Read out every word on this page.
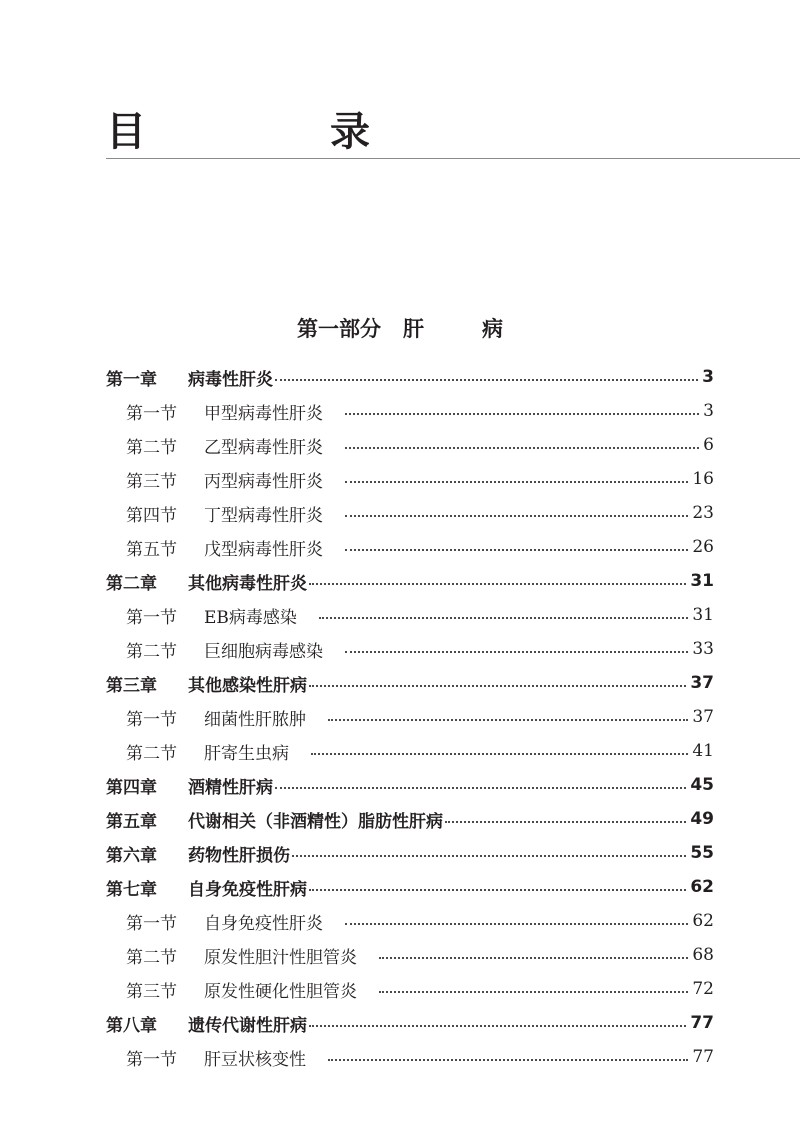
目　录
第一部分 肝	病
第一章	病毒性肝炎	3
第一节	甲型病毒性肝炎	3
第二节	乙型病毒性肝炎	6
第三节	丙型病毒性肝炎	16
第四节	丁型病毒性肝炎	23
第五节	戊型病毒性肝炎	26
第二章	其他病毒性肝炎	31
第一节	EB病毒感染	31
第二节	巨细胞病毒感染	33
第三章	其他感染性肝病	37
第一节	细菌性肝脓肿	37
第二节	肝寄生虫病	41
第四章	酒精性肝病	45
第五章	代谢相关（非酒精性）脂肪性肝病	49
第六章	药物性肝损伤	55
第七章	自身免疫性肝病	62
第一节	自身免疫性肝炎	62
第二节	原发性胆汁性胆管炎	68
第三节	原发性硬化性胆管炎	72
第八章	遗传代谢性肝病	77
第一节	肝豆状核变性	77
